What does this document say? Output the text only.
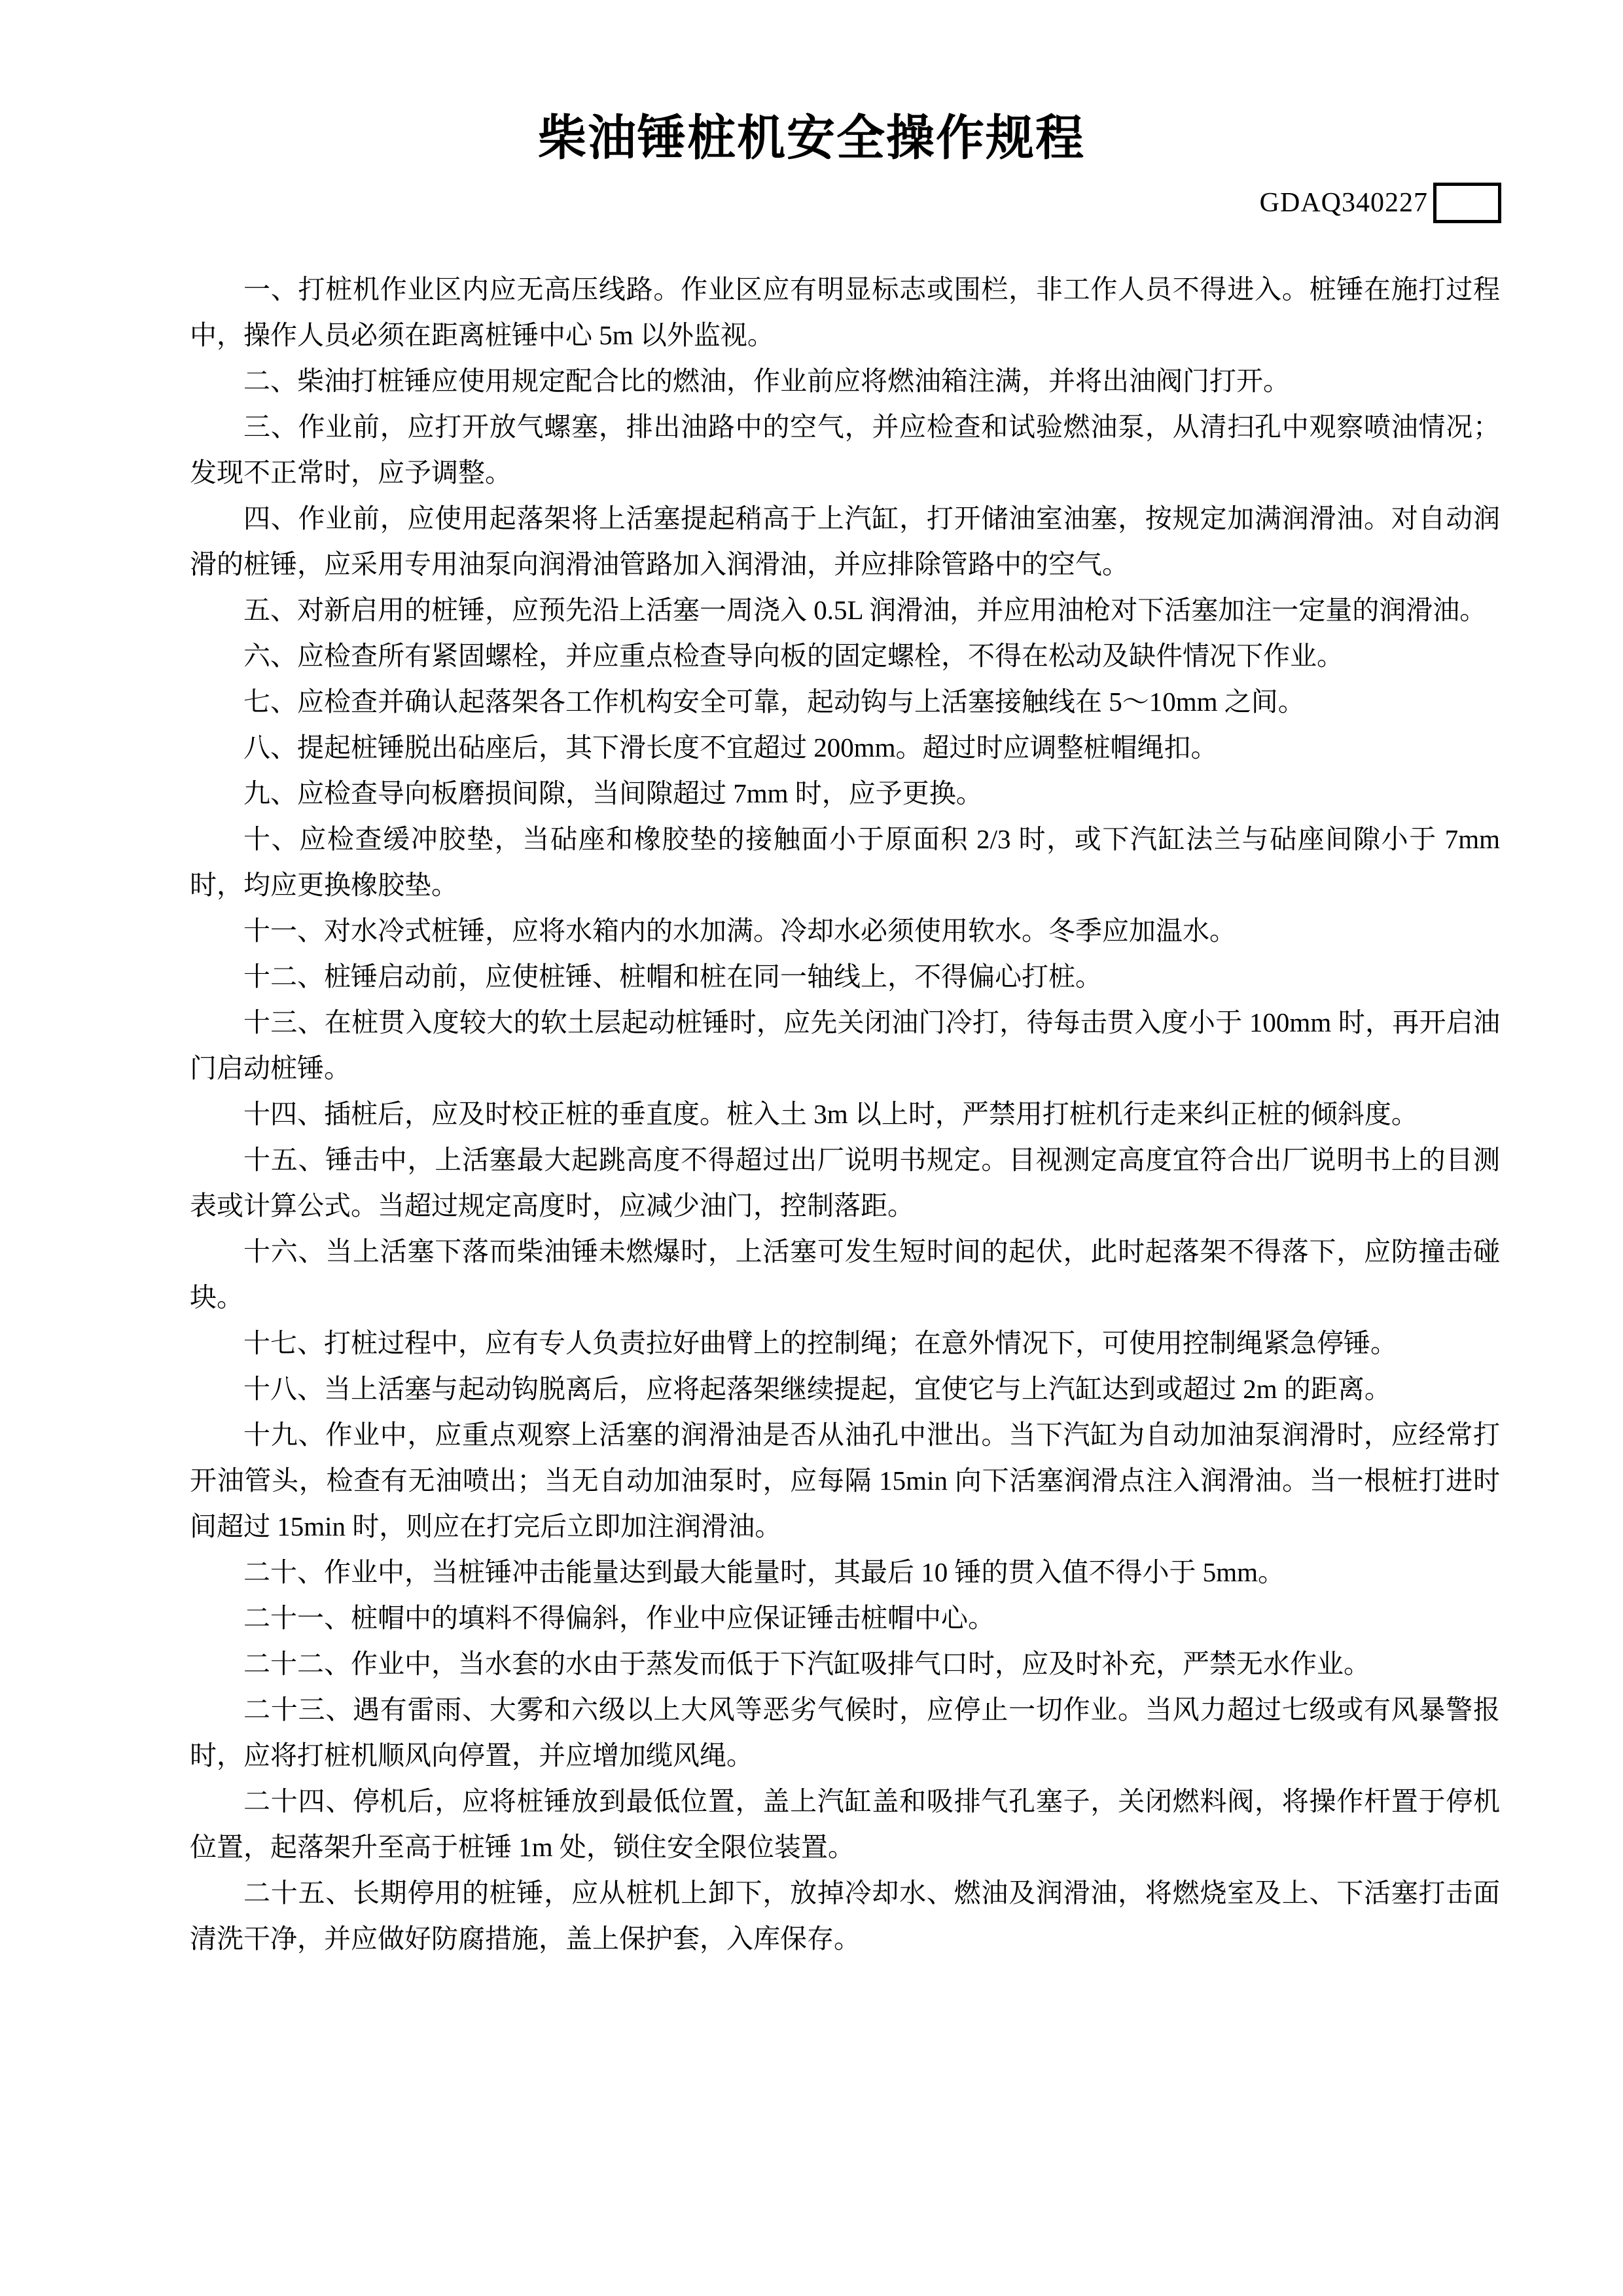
柴油锤桩机安全操作规程
GDAQ340227

一、打桩机作业区内应无高压线路。作业区应有明显标志或围栏，非工作人员不得进入。桩锤在施打过程中，操作人员必须在距离桩锤中心 5m 以外监视。

二、柴油打桩锤应使用规定配合比的燃油，作业前应将燃油箱注满，并将出油阀门打开。

三、作业前，应打开放气螺塞，排出油路中的空气，并应检查和试验燃油泵，从清扫孔中观察喷油情况；发现不正常时，应予调整。

四、作业前，应使用起落架将上活塞提起稍高于上汽缸，打开储油室油塞，按规定加满润滑油。对自动润滑的桩锤，应采用专用油泵向润滑油管路加入润滑油，并应排除管路中的空气。

五、对新启用的桩锤，应预先沿上活塞一周浇入 0.5L 润滑油，并应用油枪对下活塞加注一定量的润滑油。

六、应检查所有紧固螺栓，并应重点检查导向板的固定螺栓，不得在松动及缺件情况下作业。

七、应检查并确认起落架各工作机构安全可靠，起动钩与上活塞接触线在 5～10mm 之间。

八、提起桩锤脱出砧座后，其下滑长度不宜超过 200mm。超过时应调整桩帽绳扣。

九、应检查导向板磨损间隙，当间隙超过 7mm 时，应予更换。

十、应检查缓冲胶垫，当砧座和橡胶垫的接触面小于原面积 2/3 时，或下汽缸法兰与砧座间隙小于 7mm 时，均应更换橡胶垫。

十一、对水冷式桩锤，应将水箱内的水加满。冷却水必须使用软水。冬季应加温水。

十二、桩锤启动前，应使桩锤、桩帽和桩在同一轴线上，不得偏心打桩。

十三、在桩贯入度较大的软土层起动桩锤时，应先关闭油门冷打，待每击贯入度小于 100mm 时，再开启油门启动桩锤。

十四、插桩后，应及时校正桩的垂直度。桩入土 3m 以上时，严禁用打桩机行走来纠正桩的倾斜度。

十五、锤击中，上活塞最大起跳高度不得超过出厂说明书规定。目视测定高度宜符合出厂说明书上的目测表或计算公式。当超过规定高度时，应减少油门，控制落距。

十六、当上活塞下落而柴油锤未燃爆时，上活塞可发生短时间的起伏，此时起落架不得落下，应防撞击碰块。

十七、打桩过程中，应有专人负责拉好曲臂上的控制绳；在意外情况下，可使用控制绳紧急停锤。

十八、当上活塞与起动钩脱离后，应将起落架继续提起，宜使它与上汽缸达到或超过 2m 的距离。

十九、作业中，应重点观察上活塞的润滑油是否从油孔中泄出。当下汽缸为自动加油泵润滑时，应经常打开油管头，检查有无油喷出；当无自动加油泵时，应每隔 15min 向下活塞润滑点注入润滑油。当一根桩打进时间超过 15min 时，则应在打完后立即加注润滑油。

二十、作业中，当桩锤冲击能量达到最大能量时，其最后 10 锤的贯入值不得小于 5mm。

二十一、桩帽中的填料不得偏斜，作业中应保证锤击桩帽中心。

二十二、作业中，当水套的水由于蒸发而低于下汽缸吸排气口时，应及时补充，严禁无水作业。

二十三、遇有雷雨、大雾和六级以上大风等恶劣气候时，应停止一切作业。当风力超过七级或有风暴警报时，应将打桩机顺风向停置，并应增加缆风绳。

二十四、停机后，应将桩锤放到最低位置，盖上汽缸盖和吸排气孔塞子，关闭燃料阀，将操作杆置于停机位置，起落架升至高于桩锤 1m 处，锁住安全限位装置。

二十五、长期停用的桩锤，应从桩机上卸下，放掉冷却水、燃油及润滑油，将燃烧室及上、下活塞打击面清洗干净，并应做好防腐措施，盖上保护套，入库保存。
